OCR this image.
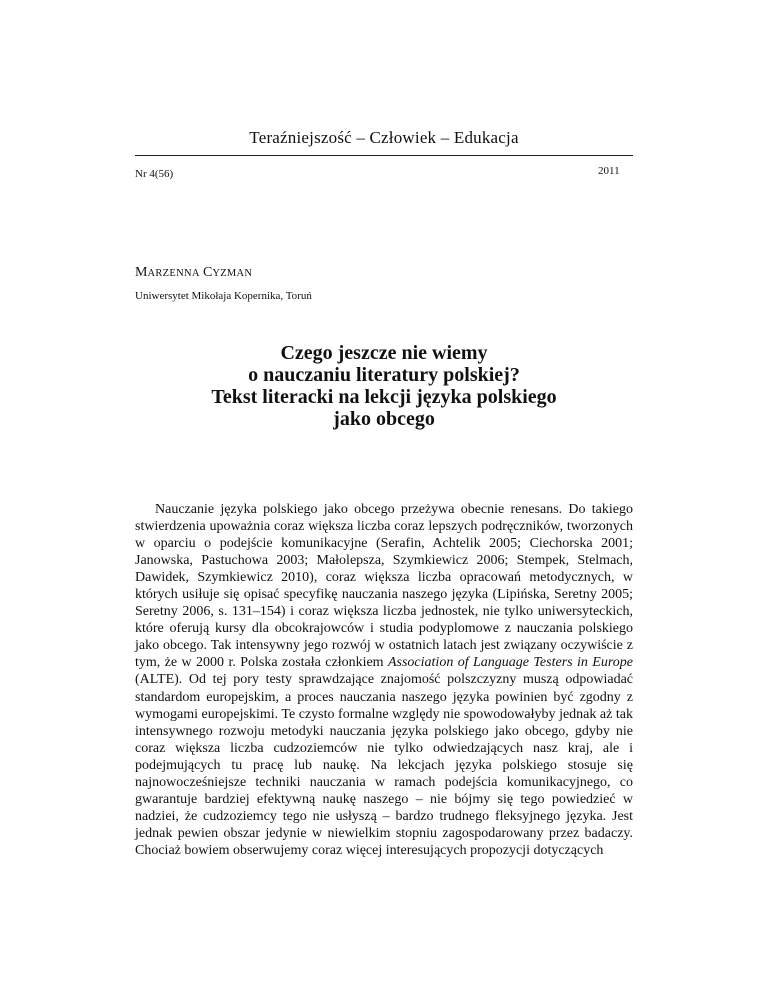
Teraźniejszość – Człowiek – Edukacja
Nr 4(56)	2011
MARZENNA CYZMAN
Uniwersytet Mikołaja Kopernika, Toruń
Czego jeszcze nie wiemy
o nauczaniu literatury polskiej?
Tekst literacki na lekcji języka polskiego
jako obcego

Nauczanie języka polskiego jako obcego przeżywa obecnie renesans. Do takiego stwierdzenia upoważnia coraz większa liczba coraz lepszych podręczników, tworzonych w oparciu o podejście komunikacyjne (Serafin, Achtelik 2005; Ciechorska 2001; Janowska, Pastuchowa 2003; Małolepsza, Szymkiewicz 2006; Stempek, Stelmach, Dawidek, Szymkiewicz 2010), coraz większa liczba opracowań metodycznych, w których usiłuje się opisać specyfikę nauczania naszego języka (Lipińska, Seretny 2005; Seretny 2006, s. 131–154) i coraz większa liczba jednostek, nie tylko uniwersyteckich, które oferują kursy dla obcokrajowców i studia podyplomowe z nauczania polskiego jako obcego. Tak intensywny jego rozwój w ostatnich latach jest związany oczywiście z tym, że w 2000 r. Polska została członkiem Association of Language Testers in Europe (ALTE). Od tej pory testy sprawdzające znajomość polszczyzny muszą odpowiadać standardom europejskim, a proces nauczania naszego języka powinien być zgodny z wymogami europejskimi. Te czysto formalne względy nie spowodowałyby jednak aż tak intensywnego rozwoju metodyki nauczania języka polskiego jako obcego, gdyby nie coraz większa liczba cudzoziemców nie tylko odwiedzających nasz kraj, ale i podejmujących tu pracę lub naukę. Na lekcjach języka polskiego stosuje się najnowocześniejsze techniki nauczania w ramach podejścia komunikacyjnego, co gwarantuje bardziej efektywną naukę naszego – nie bójmy się tego powiedzieć w nadziei, że cudzoziemcy tego nie usłyszą – bardzo trudnego fleksyjnego języka. Jest jednak pewien obszar jedynie w niewielkim stopniu zagospodarowany przez badaczy. Chociaż bowiem obserwujemy coraz więcej interesujących propozycji dotyczących
